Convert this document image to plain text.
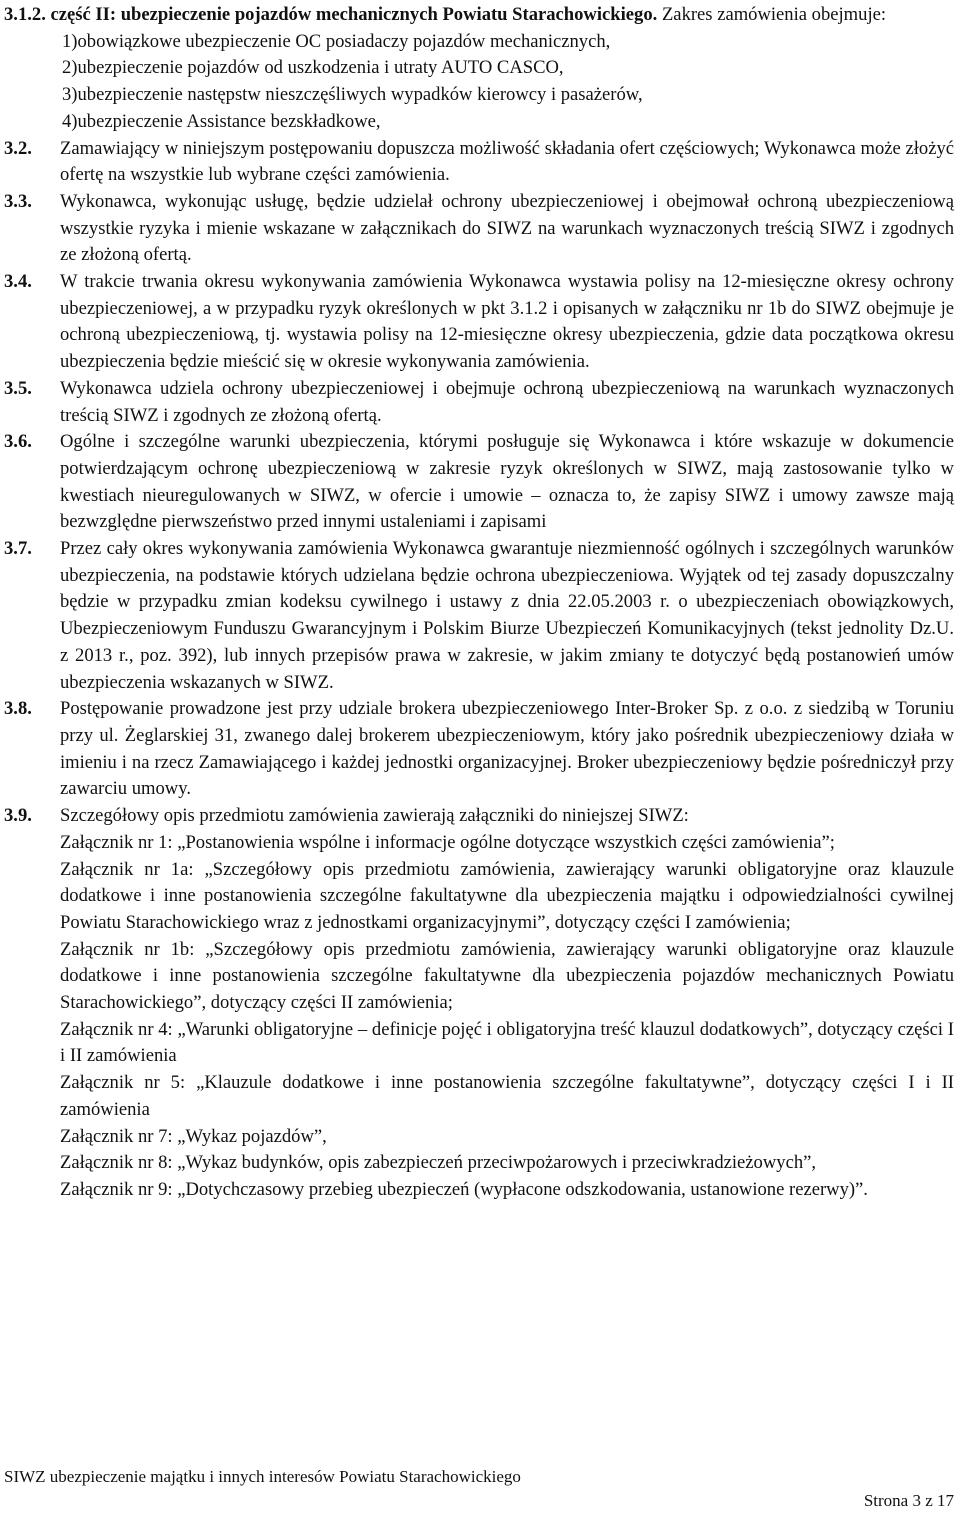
3.1.2. część II: ubezpieczenie pojazdów mechanicznych Powiatu Starachowickiego. Zakres zamówienia obejmuje:
1) obowiązkowe ubezpieczenie OC posiadaczy pojazdów mechanicznych,
2) ubezpieczenie pojazdów od uszkodzenia i utraty AUTO CASCO,
3) ubezpieczenie następstw nieszczęśliwych wypadków kierowcy i pasażerów,
4) ubezpieczenie Assistance bezskładkowe,
3.2.	Zamawiający w niniejszym postępowaniu dopuszcza możliwość składania ofert częściowych; Wykonawca może złożyć ofertę na wszystkie lub wybrane części zamówienia.
3.3.	Wykonawca, wykonując usługę, będzie udzielał ochrony ubezpieczeniowej i obejmował ochroną ubezpieczeniową wszystkie ryzyka i mienie wskazane w załącznikach do SIWZ na warunkach wyznaczonych treścią SIWZ i zgodnych ze złożoną ofertą.
3.4.	W trakcie trwania okresu wykonywania zamówienia Wykonawca wystawia polisy na 12-miesięczne okresy ochrony ubezpieczeniowej, a w przypadku ryzyk określonych w pkt 3.1.2 i opisanych w załączniku nr 1b do SIWZ obejmuje je ochroną ubezpieczeniową, tj. wystawia polisy na 12-miesięczne okresy ubezpieczenia, gdzie data początkowa okresu ubezpieczenia będzie mieścić się w okresie wykonywania zamówienia.
3.5.	Wykonawca udziela ochrony ubezpieczeniowej i obejmuje ochroną ubezpieczeniową na warunkach wyznaczonych treścią SIWZ i zgodnych ze złożoną ofertą.
3.6.	Ogólne i szczególne warunki ubezpieczenia, którymi posługuje się Wykonawca i które wskazuje w dokumencie potwierdzającym ochronę ubezpieczeniową w zakresie ryzyk określonych w SIWZ, mają zastosowanie tylko w kwestiach nieuregulowanych w SIWZ, w ofercie i umowie – oznacza to, że zapisy SIWZ i umowy zawsze mają bezwzględne pierwszeństwo przed innymi ustaleniami i zapisami
3.7.	Przez cały okres wykonywania zamówienia Wykonawca gwarantuje niezmienność ogólnych i szczególnych warunków ubezpieczenia, na podstawie których udzielana będzie ochrona ubezpieczeniowa. Wyjątek od tej zasady dopuszczalny będzie w przypadku zmian kodeksu cywilnego i ustawy z dnia 22.05.2003 r. o ubezpieczeniach obowiązkowych, Ubezpieczeniowym Funduszu Gwarancyjnym i Polskim Biurze Ubezpieczeń Komunikacyjnych (tekst jednolity Dz.U. z 2013 r., poz. 392), lub innych przepisów prawa w zakresie, w jakim zmiany te dotyczyć będą postanowień umów ubezpieczenia wskazanych w SIWZ.
3.8.	Postępowanie prowadzone jest przy udziale brokera ubezpieczeniowego Inter-Broker Sp. z o.o. z siedzibą w Toruniu przy ul. Żeglarskiej 31, zwanego dalej brokerem ubezpieczeniowym, który jako pośrednik ubezpieczeniowy działa w imieniu i na rzecz Zamawiającego i każdej jednostki organizacyjnej. Broker ubezpieczeniowy będzie pośredniczył przy zawarciu umowy.
3.9.	Szczegółowy opis przedmiotu zamówienia zawierają załączniki do niniejszej SIWZ:

Załącznik nr 1: „Postanowienia wspólne i informacje ogólne dotyczące wszystkich części zamówienia”;

Załącznik nr 1a: „Szczegółowy opis przedmiotu zamówienia, zawierający warunki obligatoryjne oraz klauzule dodatkowe i inne postanowienia szczególne fakultatywne dla ubezpieczenia majątku i odpowiedzialności cywilnej Powiatu Starachowickiego wraz z jednostkami organizacyjnymi”, dotyczący części I zamówienia;

Załącznik nr 1b: „Szczegółowy opis przedmiotu zamówienia, zawierający warunki obligatoryjne oraz klauzule dodatkowe i inne postanowienia szczególne fakultatywne dla ubezpieczenia pojazdów mechanicznych Powiatu Starachowickiego”, dotyczący części II zamówienia;

Załącznik nr 4: „Warunki obligatoryjne – definicje pojęć i obligatoryjna treść klauzul dodatkowych”, dotyczący części I i II zamówienia

Załącznik nr 5: „Klauzule dodatkowe i inne postanowienia szczególne fakultatywne”, dotyczący części I i II zamówienia

Załącznik nr 7: „Wykaz pojazdów”,

Załącznik nr 8: „Wykaz budynków, opis zabezpieczeń przeciwpożarowych i przeciwkradzieżowych”,

Załącznik nr 9: „Dotychczasowy przebieg ubezpieczeń (wypłacone odszkodowania, ustanowione rezerwy)”.

SIWZ ubezpieczenie majątku i innych interesów Powiatu Starachowickiego
Strona 3 z 17
